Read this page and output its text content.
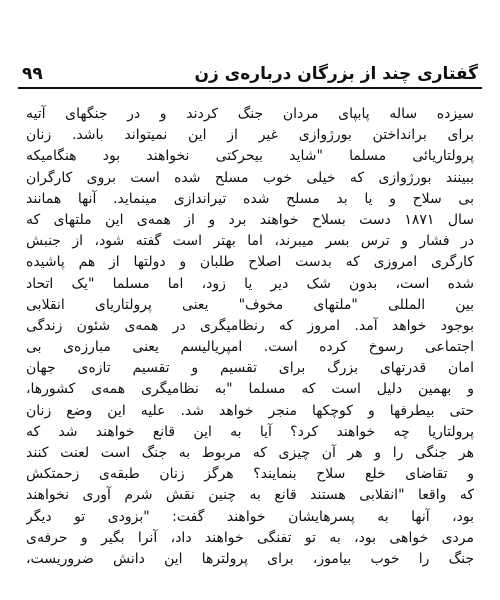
گفتاری چند از بزرگان درباره‌ی زن
۹۹
سیزده ساله پابپای مردان جنگ کردند و در جنگهای آتیه
برای برانداختن بورژوازی غیر از این نمیتواند باشد. زنان
پرولتاریائی مسلما "شاید بیحرکتی نخواهند بود هنگامیکه
ببینند بورژوازی که خیلی خوب مسلح شده است بروی کارگران
بی سلاح و یا بد مسلح شده تیراندازی مینماید. آنها همانند
سال ۱۸۷۱ دست بسلاح خواهند برد و از همه‌ی این ملتهای که
در فشار و ترس بسر میبرند، اما بهتر است گفته شود، از جنبش
کارگری امروزی که بدست اصلاح طلبان و دولتها از هم پاشیده
شده است، بدون شک دیر یا زود، اما مسلما "یک اتحاد
بین المللی "ملتهای مخوف" یعنی پرولتاریای انقلابی
بوجود خواهد آمد. امروز که رنظامیگری در همه‌ی شئون زندگی
اجتماعی رسوخ کرده است. امپریالیسم یعنی مبارزه‌ی بی
امان قدرتهای بزرگ برای تقسیم و تقسیم تازه‌ی جهان
و بهمین دلیل است که مسلما "به نظامیگری همه‌ی کشورها،
حتی بیطرفها و کوچکها منجر خواهد شد. علیه این وضع زنان
پرولتاریا چه خواهند کرد؟ آیا به این قانع خواهند شد که
هر جنگی را و هر آن چیزی که مربوط به جنگ است لعنت کنند
و تقاضای خلع سلاح بنمایند؟ هرگز زنان طبقه‌ی زحمتکش
که واقعا "انقلابی هستند قانع به چنین نقش شرم آوری نخواهند
بود، آنها به پسرهایشان خواهند گفت: "بزودی تو دیگر
مردی خواهی بود، به تو تفنگی خواهند داد، آنرا بگیر و حرفه‌ی
جنگ را خوب بیاموز، برای پرولترها این دانش ضروریست،
